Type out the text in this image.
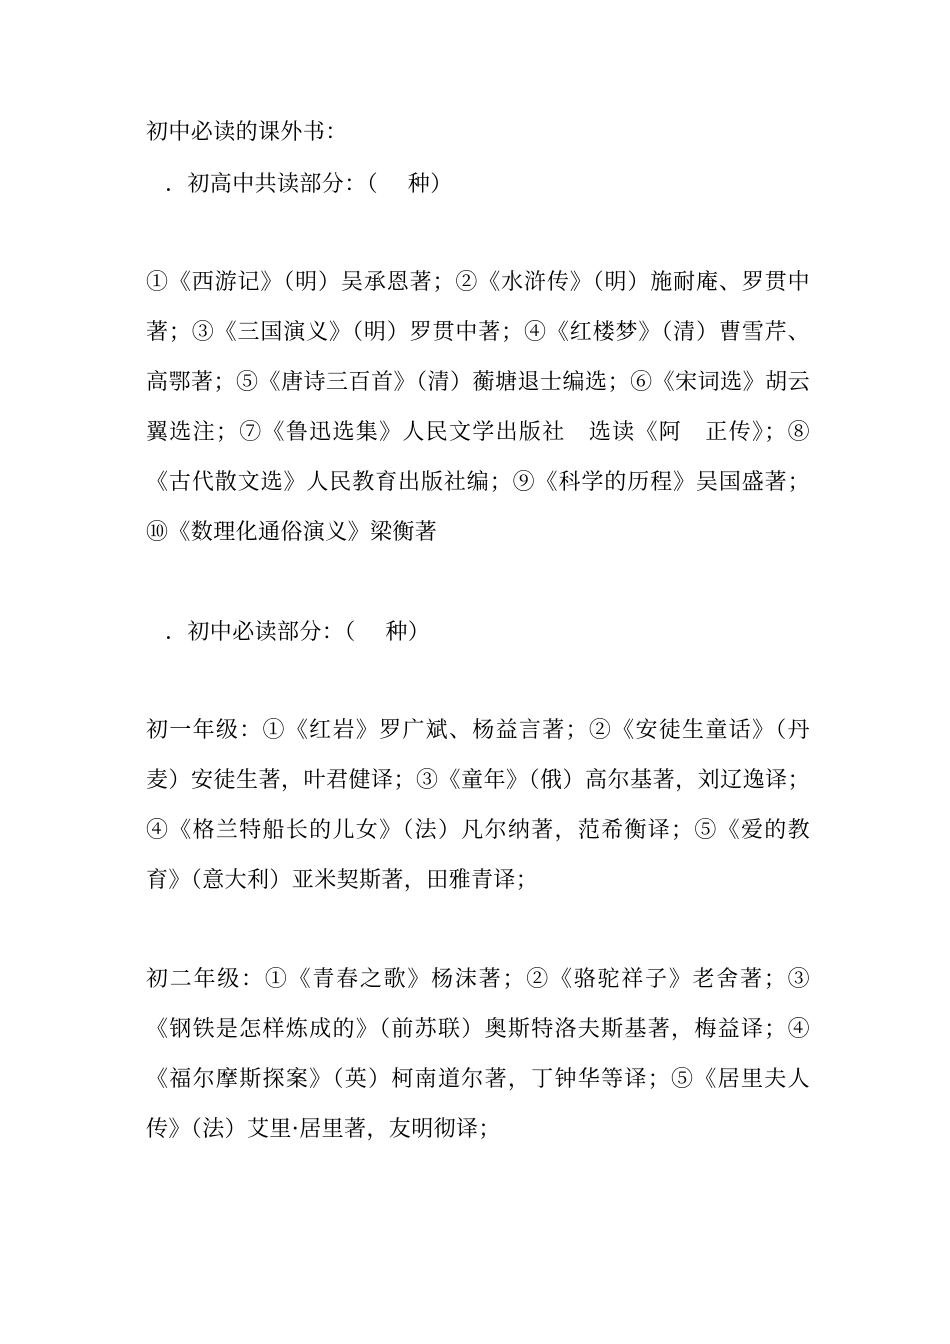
初中必读的课外书：
．初高中共读部分：（　 种）
①《西游记》（明）吴承恩著；②《水浒传》（明）施耐庵、罗贯中著；③《三国演义》（明）罗贯中著；④《红楼梦》（清）曹雪芹、高鄂著；⑤《唐诗三百首》（清）蘅塘退士编选；⑥《宋词选》胡云翼选注；⑦《鲁迅选集》人民文学出版社　选读《阿　正传》；⑧《古代散文选》人民教育出版社编；⑨《科学的历程》吴国盛著；⑩《数理化通俗演义》梁衡著
．初中必读部分：（　 种）
初一年级：①《红岩》罗广斌、杨益言著；②《安徒生童话》（丹麦）安徒生著，叶君健译；③《童年》（俄）高尔基著，刘辽逸译；④《格兰特船长的儿女》（法）凡尔纳著，范希衡译；⑤《爱的教育》（意大利）亚米契斯著，田雅青译；
初二年级：①《青春之歌》杨沫著；②《骆驼祥子》老舍著；③《钢铁是怎样炼成的》（前苏联）奥斯特洛夫斯基著，梅益译；④《福尔摩斯探案》（英）柯南道尔著，丁钟华等译；⑤《居里夫人传》（法）艾里·居里著，友明彻译；
